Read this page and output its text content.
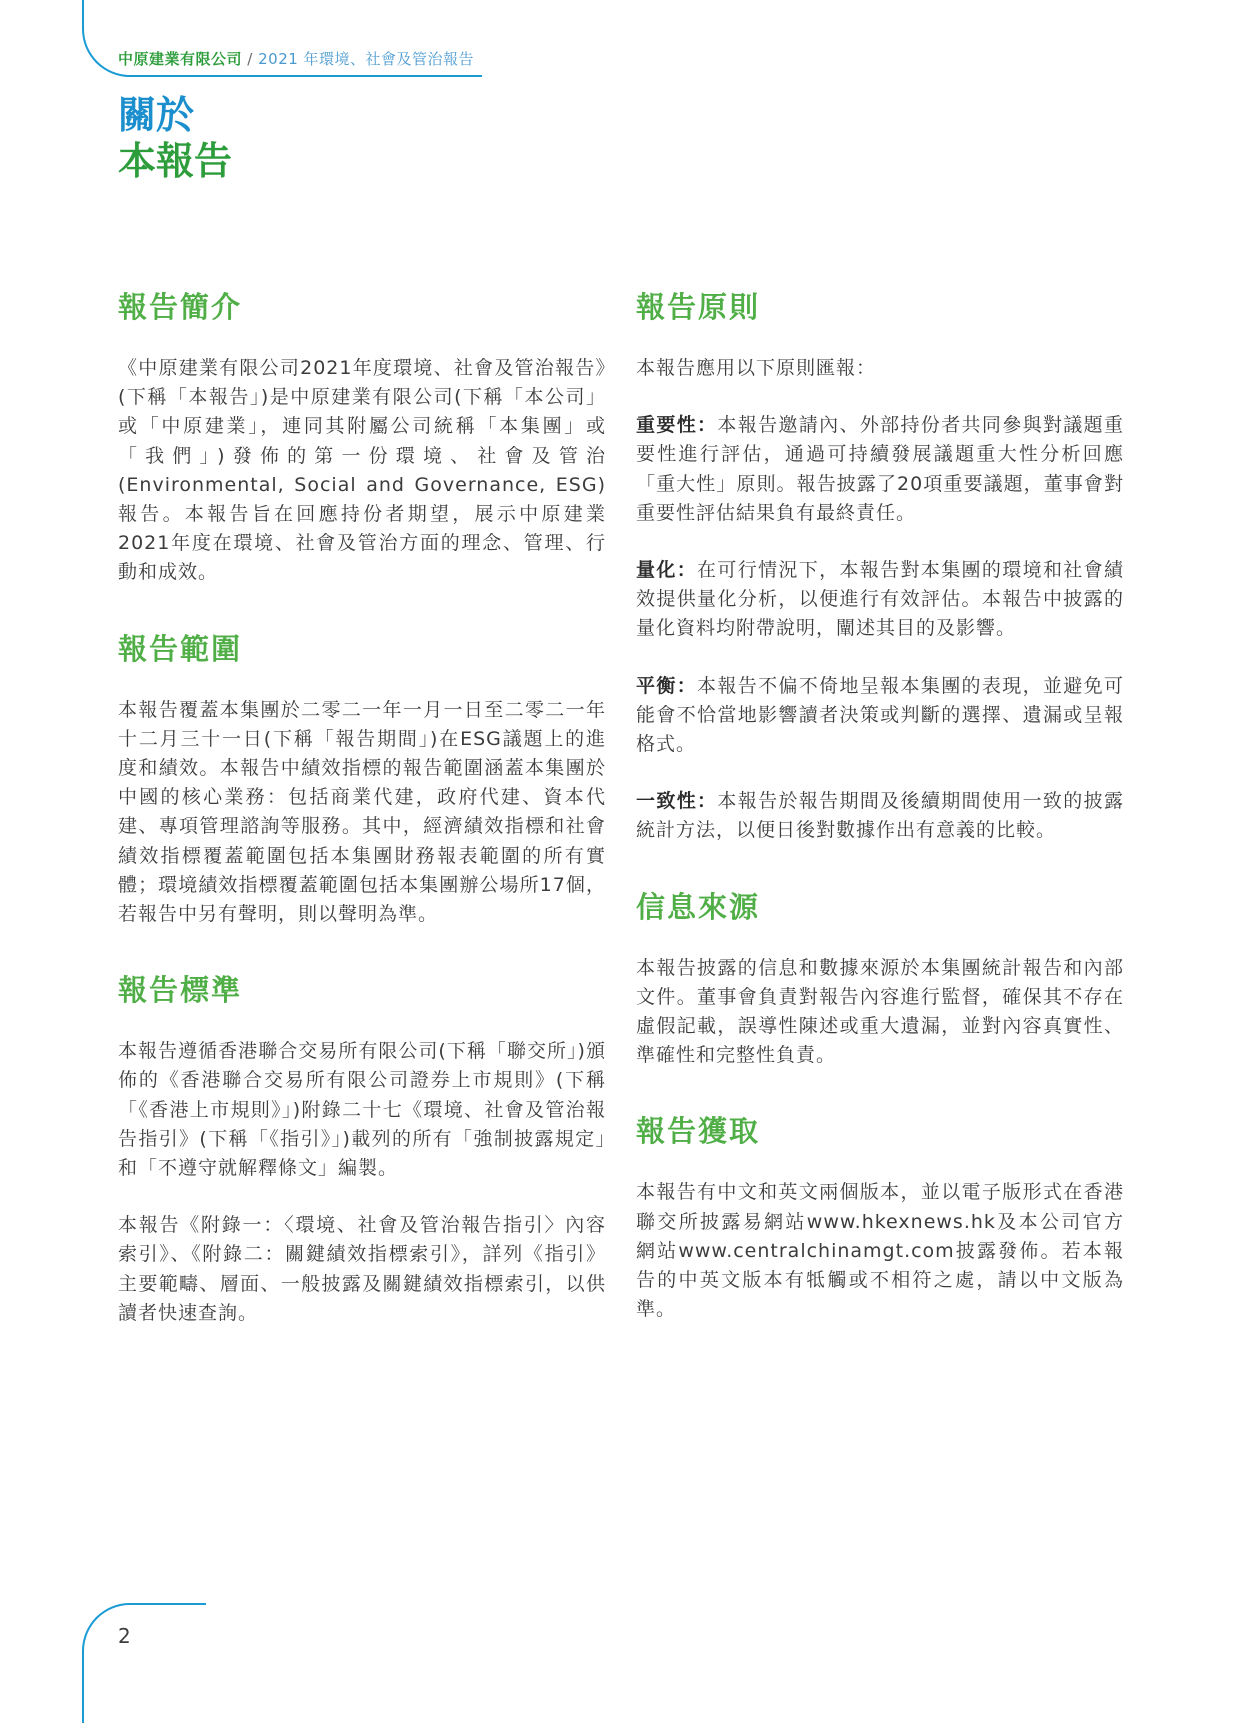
中原建業有限公司 / 2021 年環境、社會及管治報告
關於
本報告
報告簡介

《中原建業有限公司2021年度環境、社會及管治報告》(下稱「本報告」)是中原建業有限公司(下稱「本公司」或「中原建業」，連同其附屬公司統稱「本集團」或「我們」)發佈的第一份環境、社會及管治(Environmental, Social and Governance, ESG)報告。本報告旨在回應持份者期望，展示中原建業2021年度在環境、社會及管治方面的理念、管理、行動和成效。

報告範圍

本報告覆蓋本集團於二零二一年一月一日至二零二一年十二月三十一日(下稱「報告期間」)在ESG議題上的進度和績效。本報告中績效指標的報告範圍涵蓋本集團於中國的核心業務：包括商業代建，政府代建、資本代建、專項管理諮詢等服務。其中，經濟績效指標和社會績效指標覆蓋範圍包括本集團財務報表範圍的所有實體；環境績效指標覆蓋範圍包括本集團辦公場所17個，若報告中另有聲明，則以聲明為準。

報告標準

本報告遵循香港聯合交易所有限公司(下稱「聯交所」)頒佈的《香港聯合交易所有限公司證券上市規則》(下稱「《香港上市規則》」)附錄二十七《環境、社會及管治報告指引》(下稱「《指引》」)載列的所有「強制披露規定」和「不遵守就解釋條文」編製。

本報告《附錄一：〈環境、社會及管治報告指引〉內容索引》、《附錄二：關鍵績效指標索引》，詳列《指引》主要範疇、層面、一般披露及關鍵績效指標索引，以供讀者快速查詢。

報告原則

本報告應用以下原則匯報：

重要性：本報告邀請內、外部持份者共同參與對議題重要性進行評估，通過可持續發展議題重大性分析回應「重大性」原則。報告披露了20項重要議題，董事會對重要性評估結果負有最終責任。

量化：在可行情況下，本報告對本集團的環境和社會績效提供量化分析，以便進行有效評估。本報告中披露的量化資料均附帶說明，闡述其目的及影響。

平衡：本報告不偏不倚地呈報本集團的表現，並避免可能會不恰當地影響讀者決策或判斷的選擇、遺漏或呈報格式。

一致性：本報告於報告期間及後續期間使用一致的披露統計方法，以便日後對數據作出有意義的比較。

信息來源

本報告披露的信息和數據來源於本集團統計報告和內部文件。董事會負責對報告內容進行監督，確保其不存在虛假記載，誤導性陳述或重大遺漏，並對內容真實性、準確性和完整性負責。

報告獲取

本報告有中文和英文兩個版本，並以電子版形式在香港聯交所披露易網站www.hkexnews.hk及本公司官方網站www.centralchinamgt.com披露發佈。若本報告的中英文版本有牴觸或不相符之處，請以中文版為準。

2
